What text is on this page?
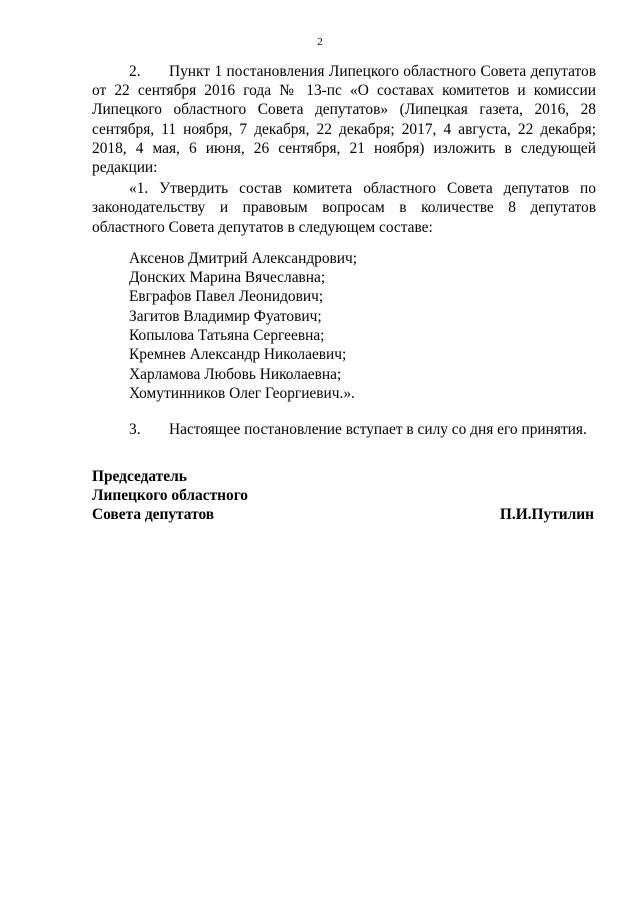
2

2. Пункт 1 постановления Липецкого областного Совета депутатов от 22 сентября 2016 года № 13-пс «О составах комитетов и комиссии Липецкого областного Совета депутатов» (Липецкая газета, 2016, 28 сентября, 11 ноября, 7 декабря, 22 декабря; 2017, 4 августа, 22 декабря; 2018, 4 мая, 6 июня, 26 сентября, 21 ноября) изложить в следующей редакции:

«1. Утвердить состав комитета областного Совета депутатов по законодательству и правовым вопросам в количестве 8 депутатов областного Совета депутатов в следующем составе:

Аксенов Дмитрий Александрович;
Донских Марина Вячеславна;
Евграфов Павел Леонидович;
Загитов Владимир Фуатович;
Копылова Татьяна Сергеевна;
Кремнев Александр Николаевич;
Харламова Любовь Николаевна;
Хомутинников Олег Георгиевич.».

3. Настоящее постановление вступает в силу со дня его принятия.

Председатель
Липецкого областного
Совета депутатов	П.И.Путилин
